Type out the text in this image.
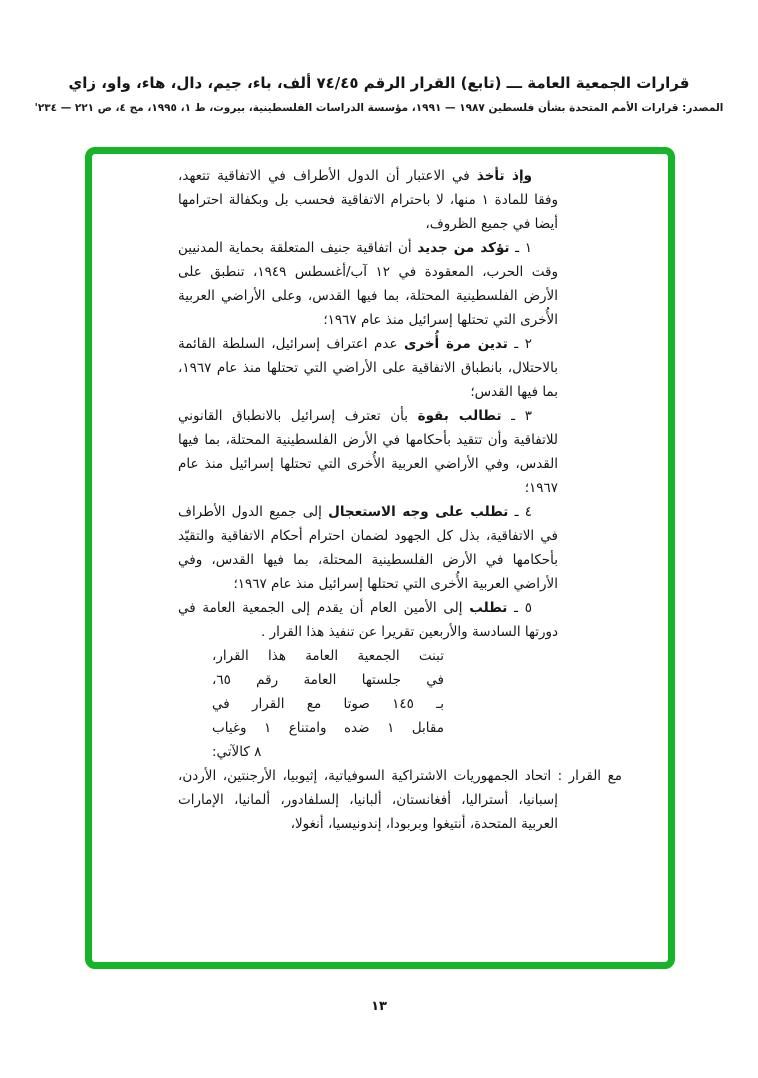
قرارات الجمعية العامة ـــ (تابع) القرار الرقم ٧٤/٤٥ ألف، باء، جيم، دال، هاء، واو، زاي
المصدر: قرارات الأمم المتحدة بشأن فلسطين ١٩٨٧ — ١٩٩١، مؤسسة الدراسات الفلسطينية، بيروت، ط ١، ١٩٩٥، مج ٤، ص ٢٢١ — ٢٣٤'

وإذ تأخذ في الاعتبار أن الدول الأطراف في الاتفاقية تتعهد، وفقا للمادة ١ منها، لا باحترام الاتفاقية فحسب بل وبكفالة احترامها أيضا في جميع الظروف،

١ ـ تؤكد من جديد أن اتفاقية جنيف المتعلقة بحماية المدنيين وقت الحرب، المعقودة في ١٢ آب/أغسطس ١٩٤٩، تنطبق على الأرض الفلسطينية المحتلة، بما فيها القدس، وعلى الأراضي العربية الأُخرى التي تحتلها إسرائيل منذ عام ١٩٦٧؛

٢ ـ تدين مرة أُخرى عدم اعتراف إسرائيل، السلطة القائمة بالاحتلال، بانطباق الاتفاقية على الأراضي التي تحتلها منذ عام ١٩٦٧، بما فيها القدس؛

٣ ـ تطالب بقوة بأن تعترف إسرائيل بالانطباق القانوني للاتفاقية وأن تتقيد بأحكامها في الأرض الفلسطينية المحتلة، بما فيها القدس، وفي الأراضي العربية الأُخرى التي تحتلها إسرائيل منذ عام ١٩٦٧؛

٤ ـ تطلب على وجه الاستعجال إلى جميع الدول الأطراف في الاتفاقية، بذل كل الجهود لضمان احترام أحكام الاتفاقية والتقيّد بأحكامها في الأرض الفلسطينية المحتلة، بما فيها القدس، وفي الأراضي العربية الأُخرى التي تحتلها إسرائيل منذ عام ١٩٦٧؛

٥ ـ تطلب إلى الأمين العام أن يقدم إلى الجمعية العامة في دورتها السادسة والأربعين تقريرا عن تنفيذ هذا القرار .

تبنت الجمعية العامة هذا القرار،
في جلستها العامة رقم ٦٥،
بـ ١٤٥ صوتا مع القرار في
مقابل ١ ضده وامتناع ١ وغياب
٨ كالآتي:

مع القرار : اتحاد الجمهوريات الاشتراكية السوفياتية، إثيوبيا، الأرجنتين، الأردن، إسبانيا، أستراليا، أفغانستان، ألبانيا، إلسلفادور، ألمانيا، الإمارات العربية المتحدة، أنتيغوا وبربودا، إندونيسيا، أنغولا،

١٣
